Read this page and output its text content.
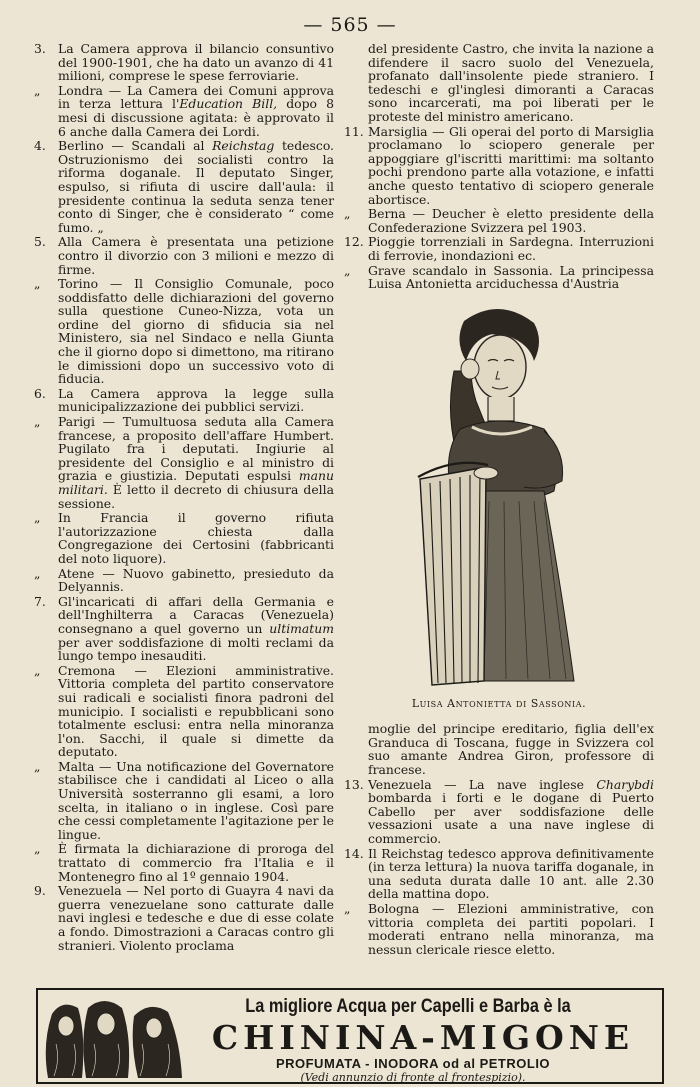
— 565 —
3. La Camera approva il bilancio consuntivo del 1900-1901, che ha dato un avanzo di 41 milioni, comprese le spese ferroviarie.
„	Londra — La Camera dei Comuni approva in terza lettura l'Education Bill, dopo 8 mesi di discussione agitata: è approvato il 6 anche dalla Camera dei Lordi.
4. Berlino — Scandali al Reichstag tedesco. Ostruzionismo dei socialisti contro la riforma doganale. Il deputato Singer, espulso, si rifiuta di uscire dall'aula: il presidente continua la seduta senza tener conto di Singer, che è considerato “ come fumo. „
5. Alla Camera è presentata una petizione contro il divorzio con 3 milioni e mezzo di firme.
„	Torino — Il Consiglio Comunale, poco soddisfatto delle dichiarazioni del governo sulla questione Cuneo-Nizza, vota un ordine del giorno di sfiducia sia nel Ministero, sia nel Sindaco e nella Giunta che il giorno dopo si dimettono, ma ritirano le dimissioni dopo un successivo voto di fiducia.
6. La Camera approva la legge sulla municipalizzazione dei pubblici servizi.
„	Parigi — Tumultuosa seduta alla Camera francese, a proposito dell'affare Humbert. Pugilato fra i deputati. Ingiurie al presidente del Consiglio e al ministro di grazia e giustizia. Deputati espulsi manu militari. È letto il decreto di chiusura della sessione.
„	In Francia il governo rifiuta l'autorizzazione chiesta dalla Congregazione dei Certosini (fabbricanti del noto liquore).
„	Atene — Nuovo gabinetto, presieduto da Delyannis.
7. Gl'incaricati di affari della Germania e dell'Inghilterra a Caracas (Venezuela) consegnano a quel governo un ultimatum per aver soddisfazione di molti reclami da lungo tempo inesauditi.
„	Cremona — Elezioni amministrative. Vittoria completa del partito conservatore sui radicali e socialisti finora padroni del municipio. I socialisti e repubblicani sono totalmente esclusi: entra nella minoranza l'on. Sacchi, il quale si dimette da deputato.
„	Malta — Una notificazione del Governatore stabilisce che i candidati al Liceo o alla Università sosterranno gli esami, a loro scelta, in italiano o in inglese. Così pare che cessi completamente l'agitazione per le lingue.
„	È firmata la dichiarazione di proroga del trattato di commercio fra l'Italia e il Montenegro fino al 1º gennaio 1904.
9. Venezuela — Nel porto di Guayra 4 navi da guerra venezuelane sono catturate dalle navi inglesi e tedesche e due di esse colate a fondo. Dimostrazioni a Caracas contro gli stranieri. Violento proclama
del presidente Castro, che invita la nazione a difendere il sacro suolo del Venezuela, profanato dall'insolente piede straniero. I tedeschi e gl'inglesi dimoranti a Caracas sono incarcerati, ma poi liberati per le proteste del ministro americano.
11. Marsiglia — Gli operai del porto di Marsiglia proclamano lo sciopero generale per appoggiare gl'iscritti marittimi: ma soltanto pochi prendono parte alla votazione, e infatti anche questo tentativo di sciopero generale abortisce.
„	Berna — Deucher è eletto presidente della Confederazione Svizzera pel 1903.
12. Pioggie torrenziali in Sardegna. Interruzioni di ferrovie, inondazioni ec.
„	Grave scandalo in Sassonia. La principessa Luisa Antonietta arciduchessa d'Austria
Luisa Antonietta di Sassonia.
moglie del principe ereditario, figlia dell'ex Granduca di Toscana, fugge in Svizzera col suo amante Andrea Giron, professore di francese.
13. Venezuela — La nave inglese Charybdi bombarda i forti e le dogane di Puerto Cabello per aver soddisfazione delle vessazioni usate a una nave inglese di commercio.
14. Il Reichstag tedesco approva definitivamente (in terza lettura) la nuova tariffa doganale, in una seduta durata dalle 10 ant. alle 2.30 della mattina dopo.
„	Bologna — Elezioni amministrative, con vittoria completa dei partiti popolari. I moderati entrano nella minoranza, ma nessun clericale riesce eletto.
La migliore Acqua per Capelli e Barba è la
CHININA-MIGONE
PROFUMATA - INODORA od al PETROLIO
(Vedi annunzio di fronte al frontespizio).
